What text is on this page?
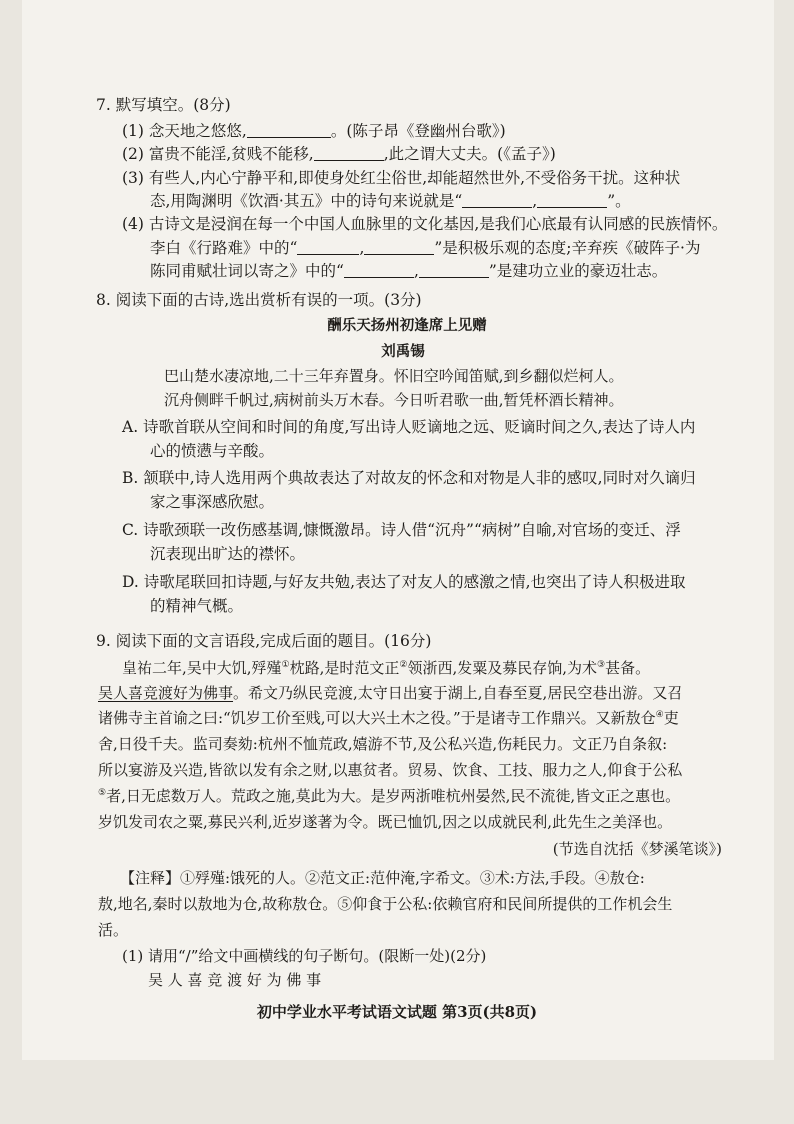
7. 默写填空。(8分)
(1) 念天地之悠悠,	。(陈子昂《登幽州台歌》)
(2) 富贵不能淫,贫贱不能移,	,此之谓大丈夫。(《孟子》)
(3) 有些人,内心宁静平和,即使身处红尘俗世,却能超然世外,不受俗务干扰。这种状
态,用陶渊明《饮酒·其五》中的诗句来说就是“	,	”。
(4) 古诗文是浸润在每一个中国人血脉里的文化基因,是我们心底最有认同感的民族情怀。
李白《行路难》中的“	,	”是积极乐观的态度;辛弃疾《破阵子·为
陈同甫赋壮词以寄之》中的“	,	”是建功立业的豪迈壮志。
8. 阅读下面的古诗,选出赏析有误的一项。(3分)
酬乐天扬州初逢席上见赠
刘禹锡
巴山楚水凄凉地,二十三年弃置身。怀旧空吟闻笛赋,到乡翻似烂柯人。
沉舟侧畔千帆过,病树前头万木春。今日听君歌一曲,暂凭杯酒长精神。
A. 诗歌首联从空间和时间的角度,写出诗人贬谪地之远、贬谪时间之久,表达了诗人内
心的愤懑与辛酸。
B. 颔联中,诗人选用两个典故表达了对故友的怀念和对物是人非的感叹,同时对久谪归
家之事深感欣慰。
C. 诗歌颈联一改伤感基调,慷慨激昂。诗人借“沉舟”“病树”自喻,对官场的变迁、浮
沉表现出旷达的襟怀。
D. 诗歌尾联回扣诗题,与好友共勉,表达了对友人的感激之情,也突出了诗人积极进取
的精神气概。
9. 阅读下面的文言语段,完成后面的题目。(16分)
皇祐二年,吴中大饥,殍殣①枕路,是时范文正②领浙西,发粟及募民存饷,为术③甚备。
吴人喜竞渡好为佛事。希文乃纵民竞渡,太守日出宴于湖上,自春至夏,居民空巷出游。又召
诸佛寺主首谕之曰:“饥岁工价至贱,可以大兴土木之役。”于是诸寺工作鼎兴。又新敖仓④吏
舍,日役千夫。监司奏劾:杭州不恤荒政,嬉游不节,及公私兴造,伤耗民力。文正乃自条叙:
所以宴游及兴造,皆欲以发有余之财,以惠贫者。贸易、饮食、工技、服力之人,仰食于公私
⑤者,日无虑数万人。荒政之施,莫此为大。是岁两浙唯杭州晏然,民不流徙,皆文正之惠也。
岁饥发司农之粟,募民兴利,近岁遂著为令。既已恤饥,因之以成就民利,此先生之美泽也。
(节选自沈括《梦溪笔谈》)
【注释】①殍殣:饿死的人。②范文正:范仲淹,字希文。③术:方法,手段。④敖仓:
敖,地名,秦时以敖地为仓,故称敖仓。⑤仰食于公私:依赖官府和民间所提供的工作机会生
活。
(1) 请用“/”给文中画横线的句子断句。(限断一处)(2分)
吴 人 喜 竞 渡 好 为 佛 事
初中学业水平考试语文试题 第3页(共8页)
